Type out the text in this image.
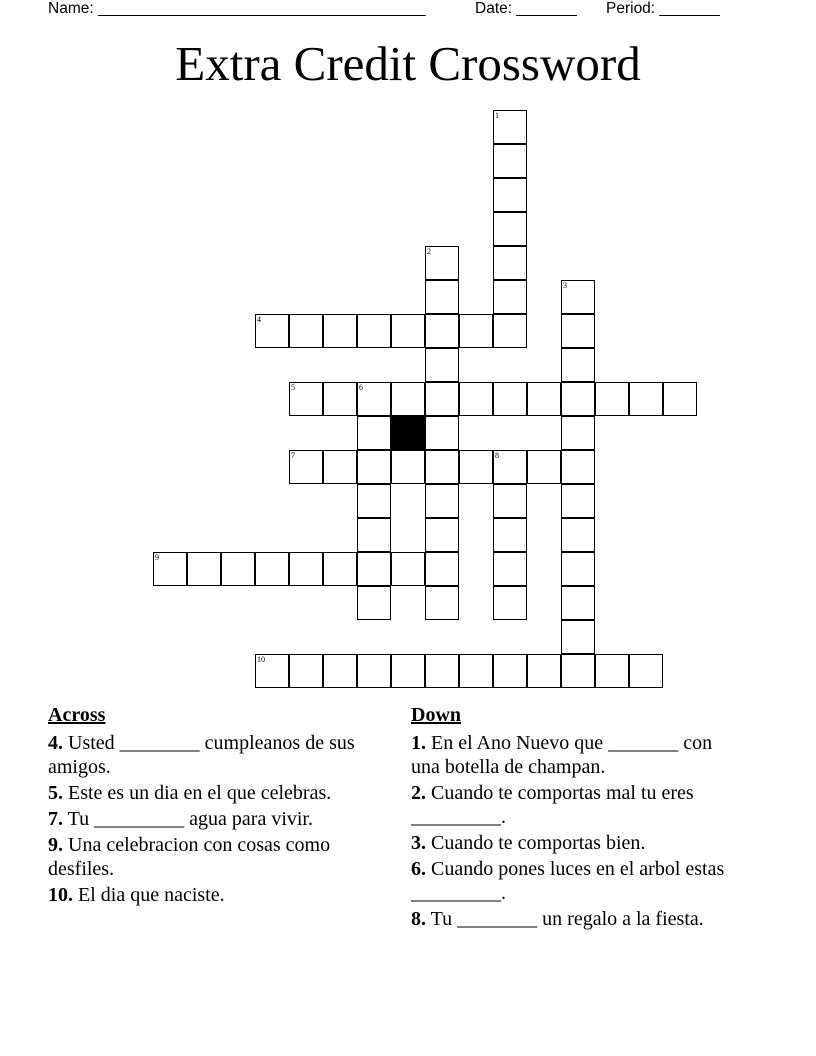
Name: ______________________________________	Date: _______ Period: _______
Extra Credit Crossword
1
2
3
4
5	6
7	8
9
10
Across
4. Usted ________ cumpleanos de sus amigos.
5. Este es un dia en el que celebras.
7. Tu _________ agua para vivir.
9. Una celebracion con cosas como desfiles.
10. El dia que naciste.
Down
1. En el Ano Nuevo que _______ con una botella de champan.
2. Cuando te comportas mal tu eres _________.
3. Cuando te comportas bien.
6. Cuando pones luces en el arbol estas _________.
8. Tu ________ un regalo a la fiesta.
